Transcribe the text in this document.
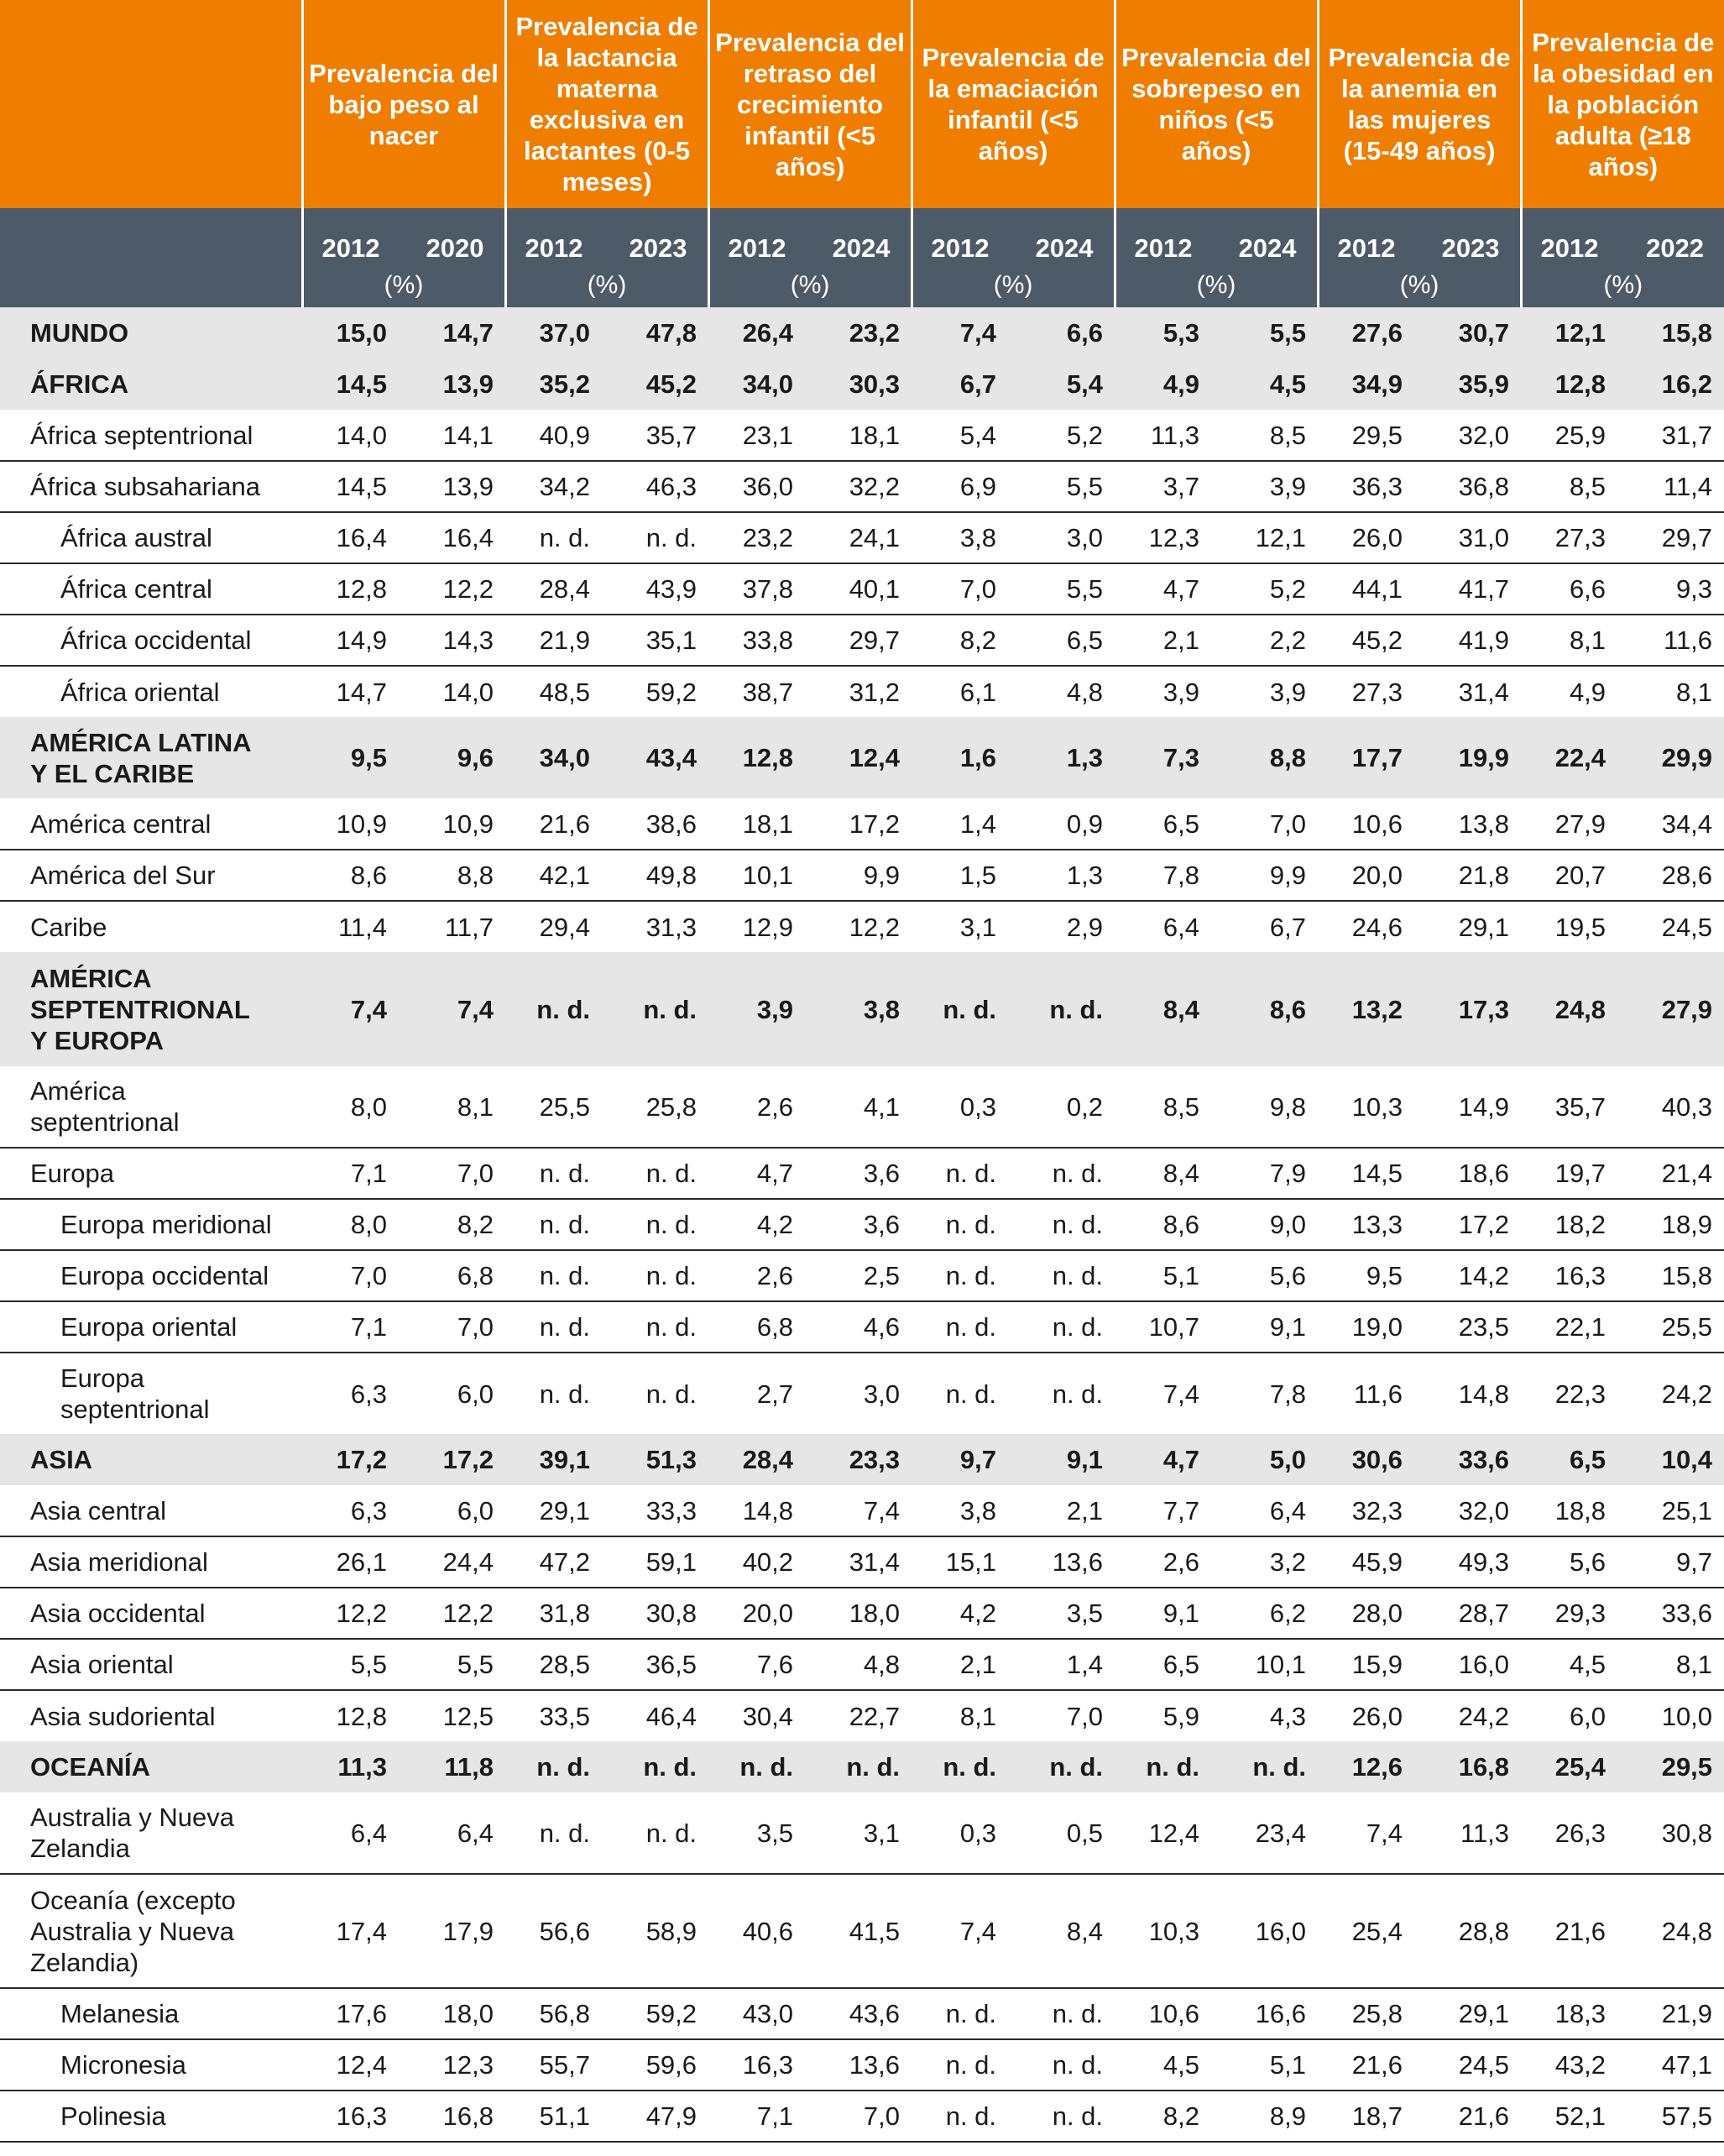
	Prevalencia del bajo peso al nacer		Prevalencia de la lactancia materna exclusiva en lactantes (0-5 meses)		Prevalencia del retraso del crecimiento infantil (<5 años)		Prevalencia de la emaciación infantil (<5 años)		Prevalencia del sobrepeso en niños (<5 años)		Prevalencia de la anemia en las mujeres (15-49 años)		Prevalencia de la obesidad en la población adulta (≥18 años)	
	2012	2020	2012	2023	2012	2024	2012	2024	2012	2024	2012	2023	2012	2022
	(%)		(%)		(%)		(%)		(%)		(%)		(%)	
MUNDO	15,0	14,7	37,0	47,8	26,4	23,2	7,4	6,6	5,3	5,5	27,6	30,7	12,1	15,8
ÁFRICA	14,5	13,9	35,2	45,2	34,0	30,3	6,7	5,4	4,9	4,5	34,9	35,9	12,8	16,2
África septentrional	14,0	14,1	40,9	35,7	23,1	18,1	5,4	5,2	11,3	8,5	29,5	32,0	25,9	31,7
África subsahariana	14,5	13,9	34,2	46,3	36,0	32,2	6,9	5,5	3,7	3,9	36,3	36,8	8,5	11,4
África austral	16,4	16,4	n. d.	n. d.	23,2	24,1	3,8	3,0	12,3	12,1	26,0	31,0	27,3	29,7
África central	12,8	12,2	28,4	43,9	37,8	40,1	7,0	5,5	4,7	5,2	44,1	41,7	6,6	9,3
África occidental	14,9	14,3	21,9	35,1	33,8	29,7	8,2	6,5	2,1	2,2	45,2	41,9	8,1	11,6
África oriental	14,7	14,0	48,5	59,2	38,7	31,2	6,1	4,8	3,9	3,9	27,3	31,4	4,9	8,1
AMÉRICA LATINA
Y EL CARIBE	9,5	9,6	34,0	43,4	12,8	12,4	1,6	1,3	7,3	8,8	17,7	19,9	22,4	29,9
América central	10,9	10,9	21,6	38,6	18,1	17,2	1,4	0,9	6,5	7,0	10,6	13,8	27,9	34,4
América del Sur	8,6	8,8	42,1	49,8	10,1	9,9	1,5	1,3	7,8	9,9	20,0	21,8	20,7	28,6
Caribe	11,4	11,7	29,4	31,3	12,9	12,2	3,1	2,9	6,4	6,7	24,6	29,1	19,5	24,5
AMÉRICA
SEPTENTRIONAL
Y EUROPA	7,4	7,4	n. d.	n. d.	3,9	3,8	n. d.	n. d.	8,4	8,6	13,2	17,3	24,8	27,9
América
septentrional	8,0	8,1	25,5	25,8	2,6	4,1	0,3	0,2	8,5	9,8	10,3	14,9	35,7	40,3
Europa	7,1	7,0	n. d.	n. d.	4,7	3,6	n. d.	n. d.	8,4	7,9	14,5	18,6	19,7	21,4
Europa meridional	8,0	8,2	n. d.	n. d.	4,2	3,6	n. d.	n. d.	8,6	9,0	13,3	17,2	18,2	18,9
Europa occidental	7,0	6,8	n. d.	n. d.	2,6	2,5	n. d.	n. d.	5,1	5,6	9,5	14,2	16,3	15,8
Europa oriental	7,1	7,0	n. d.	n. d.	6,8	4,6	n. d.	n. d.	10,7	9,1	19,0	23,5	22,1	25,5
Europa
septentrional	6,3	6,0	n. d.	n. d.	2,7	3,0	n. d.	n. d.	7,4	7,8	11,6	14,8	22,3	24,2
ASIA	17,2	17,2	39,1	51,3	28,4	23,3	9,7	9,1	4,7	5,0	30,6	33,6	6,5	10,4
Asia central	6,3	6,0	29,1	33,3	14,8	7,4	3,8	2,1	7,7	6,4	32,3	32,0	18,8	25,1
Asia meridional	26,1	24,4	47,2	59,1	40,2	31,4	15,1	13,6	2,6	3,2	45,9	49,3	5,6	9,7
Asia occidental	12,2	12,2	31,8	30,8	20,0	18,0	4,2	3,5	9,1	6,2	28,0	28,7	29,3	33,6
Asia oriental	5,5	5,5	28,5	36,5	7,6	4,8	2,1	1,4	6,5	10,1	15,9	16,0	4,5	8,1
Asia sudoriental	12,8	12,5	33,5	46,4	30,4	22,7	8,1	7,0	5,9	4,3	26,0	24,2	6,0	10,0
OCEANÍA	11,3	11,8	n. d.	n. d.	n. d.	n. d.	n. d.	n. d.	n. d.	n. d.	12,6	16,8	25,4	29,5
Australia y Nueva
Zelandia	6,4	6,4	n. d.	n. d.	3,5	3,1	0,3	0,5	12,4	23,4	7,4	11,3	26,3	30,8
Oceanía (excepto
Australia y Nueva
Zelandia)	17,4	17,9	56,6	58,9	40,6	41,5	7,4	8,4	10,3	16,0	25,4	28,8	21,6	24,8
Melanesia	17,6	18,0	56,8	59,2	43,0	43,6	n. d.	n. d.	10,6	16,6	25,8	29,1	18,3	21,9
Micronesia	12,4	12,3	55,7	59,6	16,3	13,6	n. d.	n. d.	4,5	5,1	21,6	24,5	43,2	47,1
Polinesia	16,3	16,8	51,1	47,9	7,1	7,0	n. d.	n. d.	8,2	8,9	18,7	21,6	52,1	57,5
